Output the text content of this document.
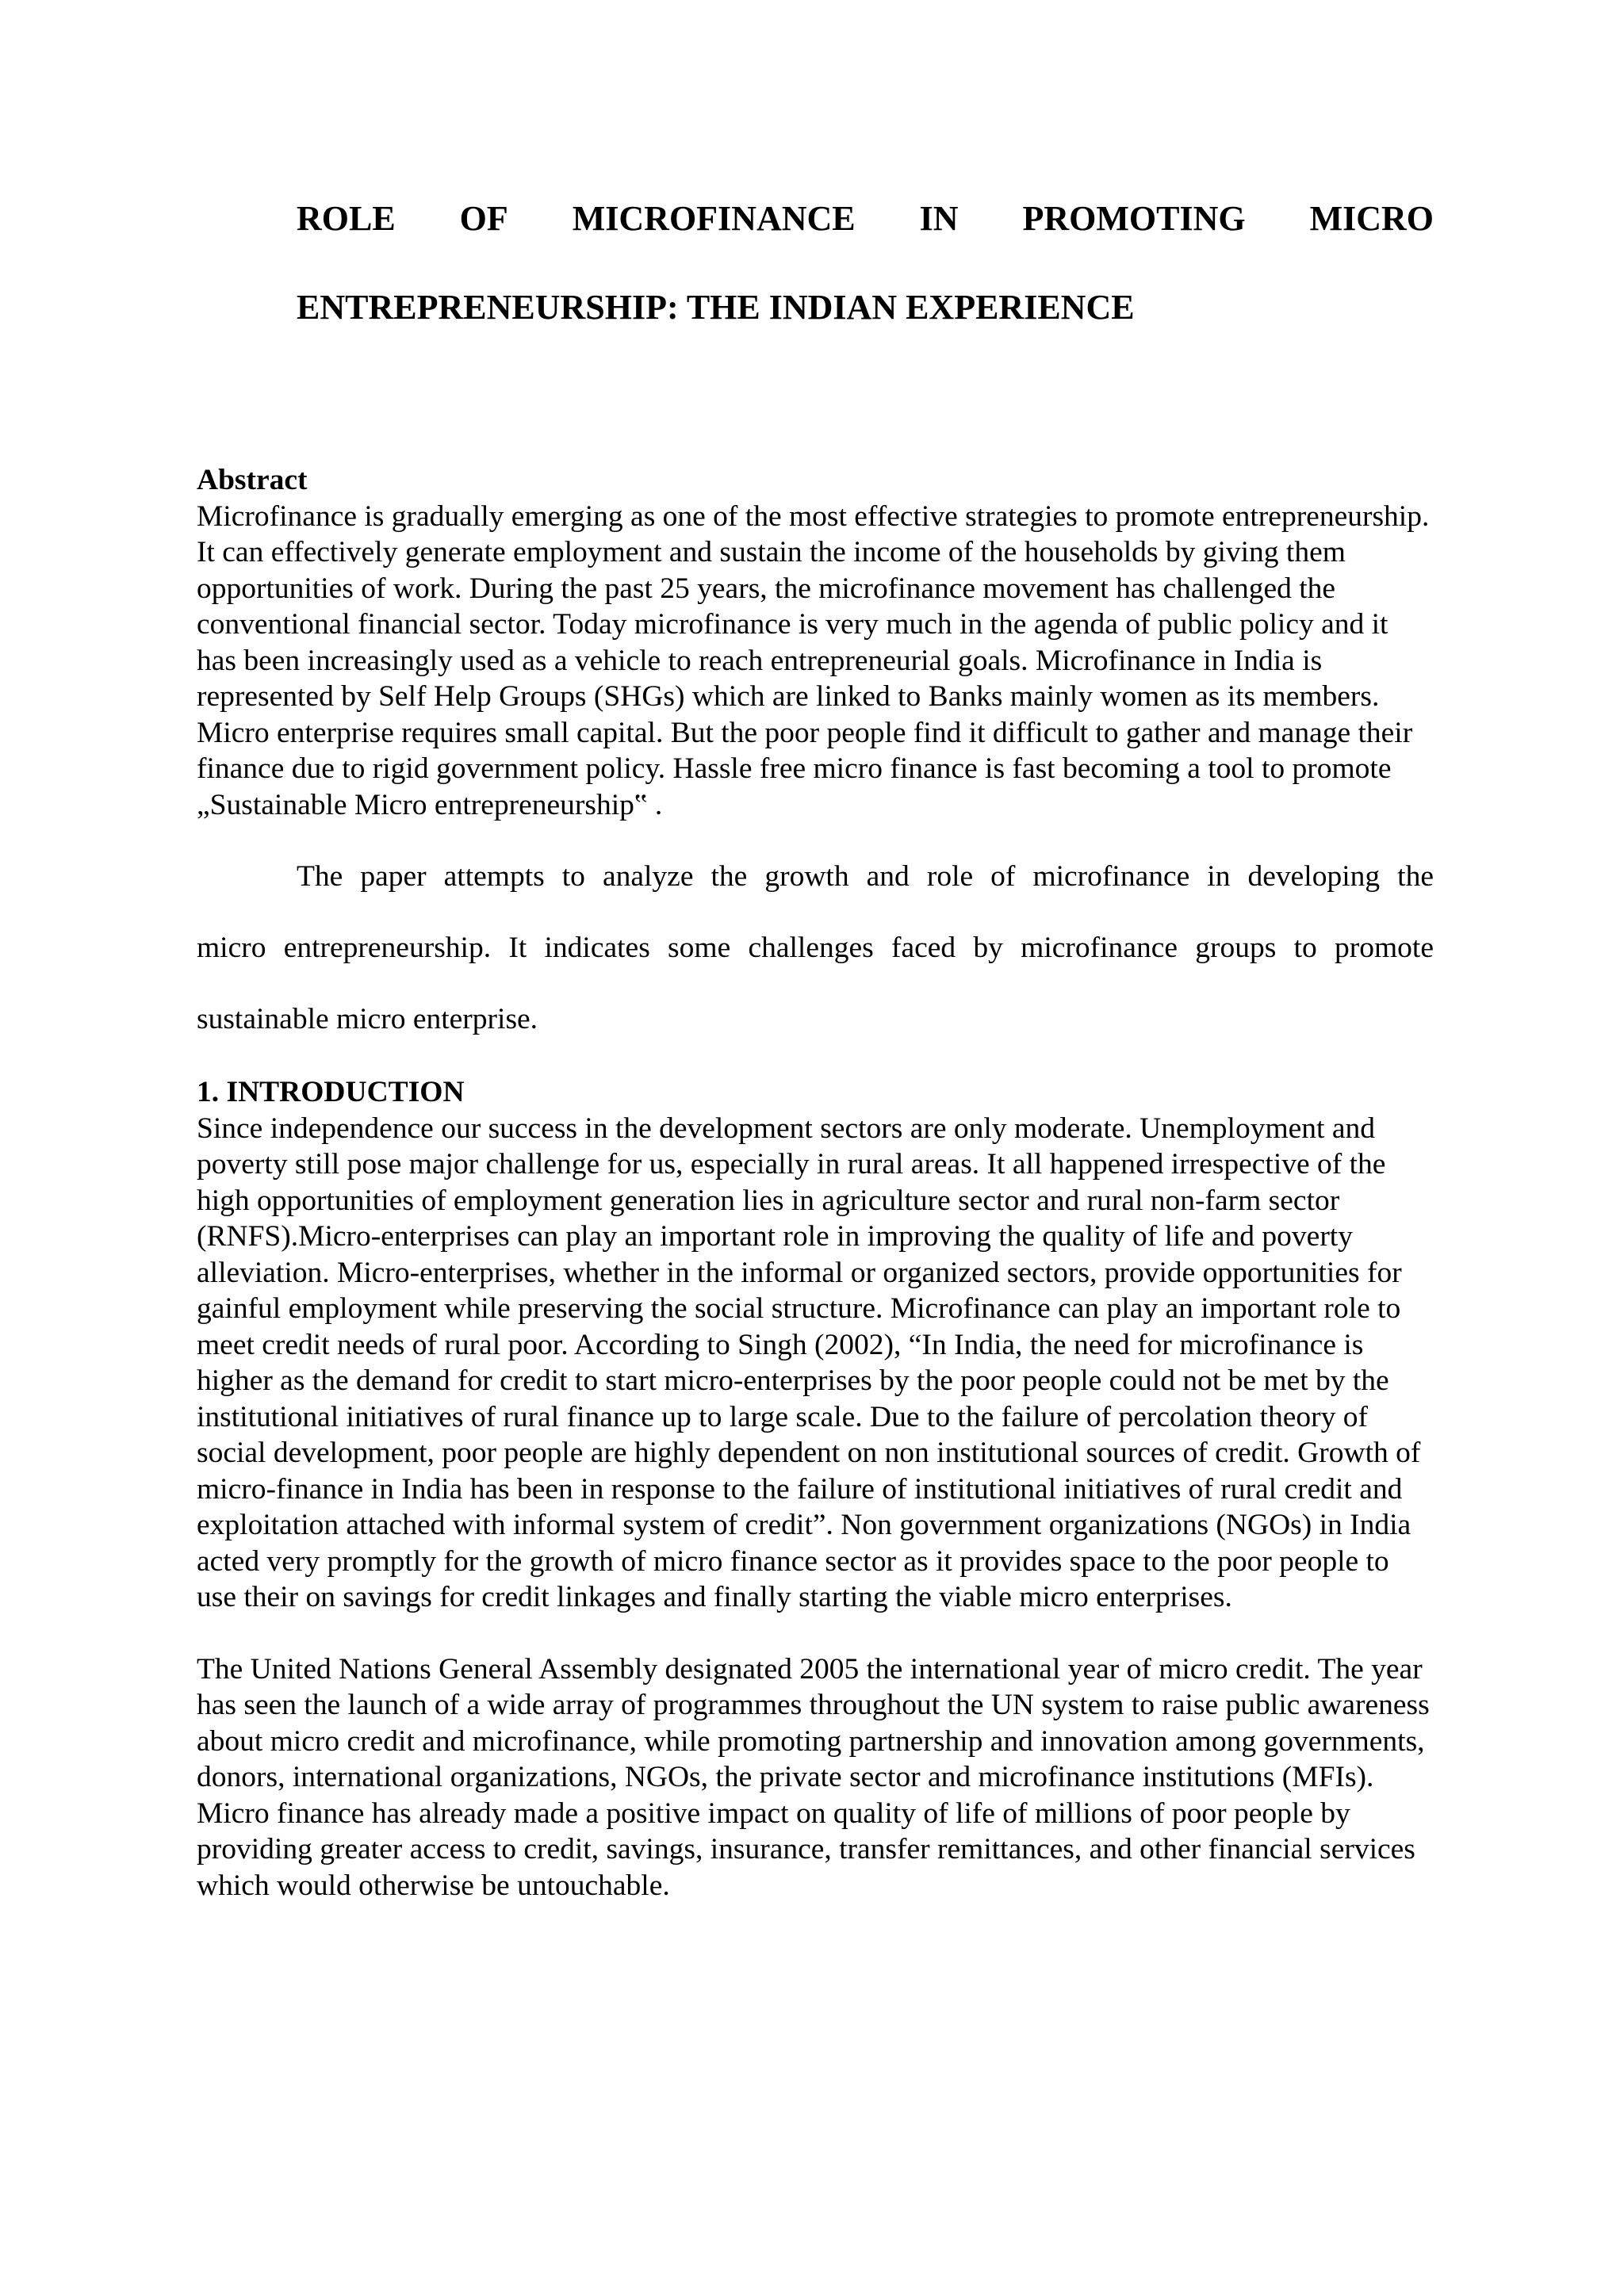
ROLE OF MICROFINANCE IN PROMOTING MICRO
ENTREPRENEURSHIP: THE INDIAN EXPERIENCE
Abstract

Microfinance is gradually emerging as one of the most effective strategies to promote entrepreneurship. It can effectively generate employment and sustain the income of the households by giving them opportunities of work. During the past 25 years, the microfinance movement has challenged the conventional financial sector. Today microfinance is very much in the agenda of public policy and it has been increasingly used as a vehicle to reach entrepreneurial goals. Microfinance in India is represented by Self Help Groups (SHGs) which are linked to Banks mainly women as its members.

Micro enterprise requires small capital. But the poor people find it difficult to gather and manage their finance due to rigid government policy. Hassle free micro finance is fast becoming a tool to promote „Sustainable Micro entrepreneurship‟ .

The paper attempts to analyze the growth and role of microfinance in developing the
micro entrepreneurship. It indicates some challenges faced by microfinance groups to promote
sustainable micro enterprise.
1. INTRODUCTION

Since independence our success in the development sectors are only moderate. Unemployment and poverty still pose major challenge for us, especially in rural areas. It all happened irrespective of the high opportunities of employment generation lies in agriculture sector and rural non-farm sector (RNFS).Micro-enterprises can play an important role in improving the quality of life and poverty alleviation. Micro-enterprises, whether in the informal or organized sectors, provide opportunities for gainful employment while preserving the social structure. Microfinance can play an important role to meet credit needs of rural poor. According to Singh (2002), “In India, the need for microfinance is higher as the demand for credit to start micro-enterprises by the poor people could not be met by the institutional initiatives of rural finance up to large scale. Due to the failure of percolation theory of social development, poor people are highly dependent on non institutional sources of credit. Growth of micro-finance in India has been in response to the failure of institutional initiatives of rural credit and exploitation attached with informal system of credit”. Non government organizations (NGOs) in India acted very promptly for the growth of micro finance sector as it provides space to the poor people to use their on savings for credit linkages and finally starting the viable micro enterprises.

The United Nations General Assembly designated 2005 the international year of micro credit. The year has seen the launch of a wide array of programmes throughout the UN system to raise public awareness about micro credit and microfinance, while promoting partnership and innovation among governments, donors, international organizations, NGOs, the private sector and microfinance institutions (MFIs). Micro finance has already made a positive impact on quality of life of millions of poor people by providing greater access to credit, savings, insurance, transfer remittances, and other financial services which would otherwise be untouchable.
